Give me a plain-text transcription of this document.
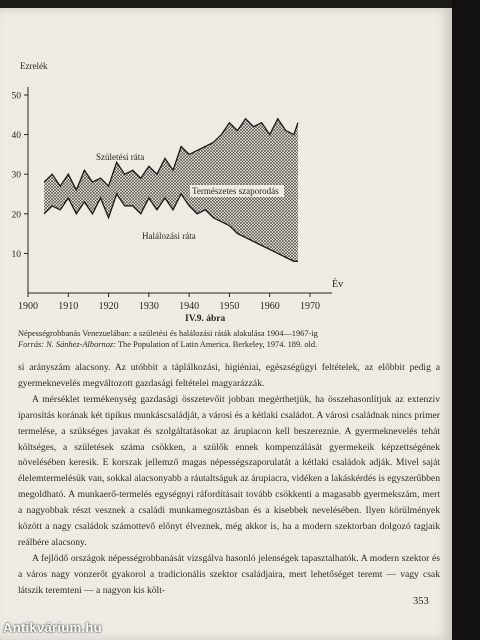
1900 1910 1920 1930 1940 1950 1960 1970
10
20
30
40
50
Ezrelék
Év
Születési ráta
Természetes szaporodás
Halálozási ráta
IV.9. ábra
Népességrobbanás Venezuelában: a születési és halálozási ráták alakulása 1904—1967-ig
Forrás: N. Sánhez-Albornoz: The Population of Latin America. Berkeley, 1974. 189. old.

si arányszám alacsony. Az utóbbit a táplálkozási, higiéniai, egészségügyi feltételek, az előbbit pedig a gyermeknevelés megváltozott gazdasági feltételei magyarázzák.

A mérséklet termékenység gazdasági összetevőit jobban megérthetjük, ha összehasonlítjuk az extenzív iparosítás korának két tipikus munkáscsaládját, a városi és a kétlaki családot. A városi családnak nincs primer termelése, a szükséges javakat és szolgáltatásokat az árupiacon kell beszereznie. A gyermeknevelés tehát költséges, a születések száma csökken, a szülők ennek kompenzálását gyermekeik képzettségének növelésében keresik. E korszak jellemző magas népességszaporulatát a kétlaki családok adják. Mivel saját élelemtermelésük van, sokkal alacsonyabb a ráutaltságuk az árupiacra, vidéken a lakáskérdés is egyszerűbben megoldható. A munkaerő-termelés egységnyi ráfordításait tovább csökkenti a magasabb gyermekszám, mert a nagyobbak részt vesznek a családi munkamegosztásban és a kisebbek nevelésében. Ilyen körülmények között a nagy családok számottevő előnyt élveznek, még akkor is, ha a modern szektorban dolgozó tagjaik reálbére alacsony.

A fejlődő országok népességrobbanását vizsgálva hasonló jelenségek tapasztalhatók. A modern szektor és a város nagy vonzerőt gyakorol a tradicionális szektor családjaira, mert lehetőséget teremt — vagy csak látszik teremteni — a nagyon kis költ-

353
Antikvárium.hu
